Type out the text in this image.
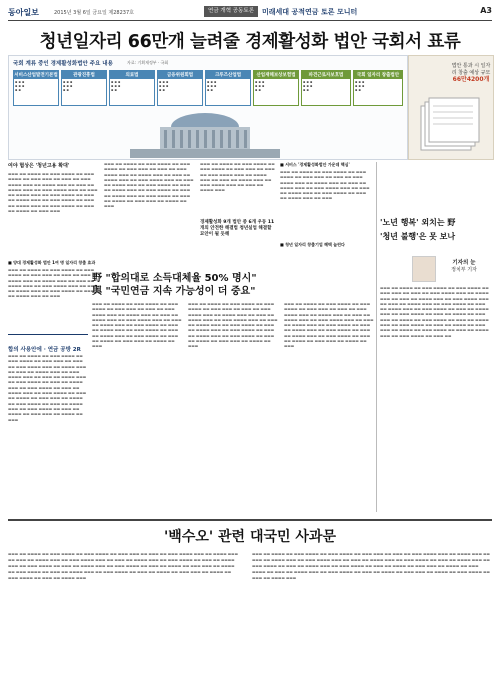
동아일보	2015년 3월 6일 금요일 제28237호	연금 개혁 공동토론	미래세대 공적연금 토론 모니터	A3
청년일자리 66만개 늘려줄 경제활성화 법안 국회서 표류
국회 계류 중인 경제활성화법안 주요 내용	자료: 기획재정부 · 국회
서비스산업발전기본법
▪ ▪ ▪
▪ ▪ ▪
▪ ▪
관광진흥법
▪ ▪ ▪
▪ ▪ ▪
▪ ▪
의료법
▪ ▪ ▪
▪ ▪ ▪
▪ ▪
금융위원회법
▪ ▪ ▪
▪ ▪ ▪
▪ ▪
크루즈산업법
▪ ▪ ▪
▪ ▪ ▪
▪ ▪
산업재해보상보험법
▪ ▪ ▪
▪ ▪ ▪
▪ ▪
파견근로자보호법
▪ ▪ ▪
▪ ▪ ▪
▪ ▪
국회 일자리 창출법안
▪ ▪ ▪
▪ ▪ ▪
▪ ▪
법안 통과 시 일자리 창출 예상 규모
66만4200개
여야 협상은 '청년고용 확대'
▬▬▬ ▬▬ ▬▬▬▬ ▬▬ ▬▬▬ ▬▬▬▬ ▬▬ ▬▬▬ ▬▬▬▬ ▬▬ ▬▬▬ ▬▬▬ ▬▬ ▬▬▬ ▬▬ ▬▬▬ ▬▬▬▬ ▬▬▬ ▬▬ ▬▬▬▬ ▬▬▬ ▬▬ ▬▬▬ ▬▬ ▬▬▬▬ ▬▬▬ ▬▬ ▬▬▬ ▬▬▬▬ ▬▬▬ ▬▬ ▬▬▬ ▬▬ ▬▬▬▬ ▬▬▬ ▬▬ ▬▬▬ ▬▬▬▬ ▬▬ ▬▬▬ ▬▬ ▬▬▬▬ ▬▬▬ ▬▬ ▬▬▬ ▬▬▬▬ ▬▬ ▬▬▬ ▬▬ ▬▬▬▬ ▬▬▬ ▬▬ ▬▬▬ ▬▬▬▬ ▬▬ ▬▬▬ ▬▬ ▬▬▬▬ ▬▬ ▬▬▬ ▬▬▬
■ 양대 경제활성화 법안 1여 명 일자리 창출 효과
▬▬▬ ▬▬ ▬▬▬▬ ▬▬ ▬▬▬ ▬▬▬▬ ▬▬ ▬▬▬ ▬▬▬▬ ▬▬ ▬▬▬ ▬▬▬ ▬▬ ▬▬▬ ▬▬ ▬▬▬ ▬▬▬▬ ▬▬▬ ▬▬ ▬▬▬▬ ▬▬▬ ▬▬ ▬▬▬ ▬▬ ▬▬▬▬ ▬▬▬ ▬▬ ▬▬▬ ▬▬▬▬ ▬▬▬ ▬▬ ▬▬▬ ▬▬ ▬▬▬▬ ▬▬▬ ▬▬ ▬▬▬ ▬▬▬▬ ▬▬ ▬▬▬ ▬▬ ▬▬▬▬ ▬▬▬ ▬▬ ▬▬▬
▬▬▬ ▬▬ ▬▬▬▬ ▬▬ ▬▬▬ ▬▬▬▬ ▬▬ ▬▬▬ ▬▬▬▬ ▬▬ ▬▬▬ ▬▬▬ ▬▬ ▬▬▬ ▬▬ ▬▬▬ ▬▬▬▬ ▬▬▬ ▬▬ ▬▬▬▬ ▬▬▬ ▬▬ ▬▬▬ ▬▬ ▬▬▬▬ ▬▬▬ ▬▬ ▬▬▬ ▬▬▬▬ ▬▬▬ ▬▬ ▬▬▬ ▬▬ ▬▬▬▬ ▬▬▬ ▬▬ ▬▬▬ ▬▬▬▬ ▬▬ ▬▬▬ ▬▬ ▬▬▬▬ ▬▬▬ ▬▬ ▬▬▬ ▬▬▬▬ ▬▬ ▬▬▬ ▬▬ ▬▬▬▬ ▬▬▬ ▬▬ ▬▬▬ ▬▬▬▬ ▬▬ ▬▬▬ ▬▬ ▬▬▬▬ ▬▬ ▬▬▬ ▬▬▬ ▬▬ ▬▬▬▬ ▬▬ ▬▬▬
▬▬▬ ▬▬ ▬▬▬▬ ▬▬ ▬▬▬ ▬▬▬▬ ▬▬ ▬▬▬ ▬▬▬▬ ▬▬ ▬▬▬ ▬▬▬ ▬▬ ▬▬▬ ▬▬ ▬▬▬ ▬▬▬▬ ▬▬▬ ▬▬ ▬▬▬▬ ▬▬▬ ▬▬ ▬▬▬ ▬▬ ▬▬▬▬ ▬▬▬ ▬▬ ▬▬▬ ▬▬▬▬ ▬▬▬ ▬▬ ▬▬▬ ▬▬ ▬▬▬▬ ▬▬▬
경제활성화 9개 법안 중 6개 우동 11개의 안전한 해결법 청년실업 해결할 묘안이 될 듯해
■ 서비스 '경제활성화법안 가운데 핵심'
▬▬▬ ▬▬ ▬▬▬▬ ▬▬ ▬▬▬ ▬▬▬▬ ▬▬ ▬▬▬ ▬▬▬▬ ▬▬ ▬▬▬ ▬▬▬ ▬▬ ▬▬▬ ▬▬ ▬▬▬ ▬▬▬▬ ▬▬▬ ▬▬ ▬▬▬▬ ▬▬▬ ▬▬ ▬▬▬ ▬▬ ▬▬▬▬ ▬▬▬ ▬▬ ▬▬▬ ▬▬▬▬ ▬▬▬ ▬▬ ▬▬▬ ▬▬ ▬▬▬▬ ▬▬▬ ▬▬ ▬▬▬ ▬▬▬▬ ▬▬ ▬▬▬ ▬▬ ▬▬▬▬ ▬▬▬ ▬▬ ▬▬▬
■ 청년 일자리 창출기업 혜택 늘린다
합의 사용안에 · 연금 공방 2R
▬▬▬ ▬▬ ▬▬▬▬ ▬▬ ▬▬▬ ▬▬▬▬ ▬▬ ▬▬▬ ▬▬▬▬ ▬▬ ▬▬▬ ▬▬▬ ▬▬ ▬▬▬ ▬▬ ▬▬▬ ▬▬▬▬ ▬▬▬ ▬▬ ▬▬▬▬ ▬▬▬ ▬▬ ▬▬▬ ▬▬ ▬▬▬▬ ▬▬▬ ▬▬ ▬▬▬ ▬▬▬▬ ▬▬▬ ▬▬ ▬▬▬ ▬▬ ▬▬▬▬ ▬▬▬ ▬▬ ▬▬▬ ▬▬▬▬ ▬▬ ▬▬▬ ▬▬ ▬▬▬▬ ▬▬▬ ▬▬ ▬▬▬ ▬▬▬▬ ▬▬ ▬▬▬ ▬▬ ▬▬▬▬ ▬▬▬ ▬▬ ▬▬▬ ▬▬▬▬ ▬▬ ▬▬▬ ▬▬ ▬▬▬▬ ▬▬ ▬▬▬ ▬▬▬ ▬▬ ▬▬▬▬ ▬▬ ▬▬▬ ▬▬▬▬ ▬▬ ▬▬▬ ▬▬ ▬▬▬▬ ▬▬▬ ▬▬ ▬▬▬ ▬▬▬▬ ▬▬ ▬▬▬ ▬▬ ▬▬▬▬ ▬▬ ▬▬▬ ▬▬▬ ▬▬ ▬▬▬▬ ▬▬ ▬▬▬
野 "합의대로 소득대체율 50% 명시"
與 "국민연금 지속 가능성이 더 중요"
▬▬▬ ▬▬ ▬▬▬▬ ▬▬ ▬▬▬ ▬▬▬▬ ▬▬ ▬▬▬ ▬▬▬▬ ▬▬ ▬▬▬ ▬▬▬ ▬▬ ▬▬▬ ▬▬ ▬▬▬ ▬▬▬▬ ▬▬▬ ▬▬ ▬▬▬▬ ▬▬▬ ▬▬ ▬▬▬ ▬▬ ▬▬▬▬ ▬▬▬ ▬▬ ▬▬▬ ▬▬▬▬ ▬▬▬ ▬▬ ▬▬▬ ▬▬ ▬▬▬▬ ▬▬▬ ▬▬ ▬▬▬ ▬▬▬▬ ▬▬ ▬▬▬ ▬▬ ▬▬▬▬ ▬▬▬ ▬▬ ▬▬▬ ▬▬▬▬ ▬▬ ▬▬▬ ▬▬ ▬▬▬▬ ▬▬▬ ▬▬ ▬▬▬ ▬▬▬▬ ▬▬ ▬▬▬ ▬▬ ▬▬▬▬ ▬▬ ▬▬▬ ▬▬▬ ▬▬ ▬▬▬▬ ▬▬ ▬▬▬
▬▬▬ ▬▬ ▬▬▬▬ ▬▬ ▬▬▬ ▬▬▬▬ ▬▬ ▬▬▬ ▬▬▬▬ ▬▬ ▬▬▬ ▬▬▬ ▬▬ ▬▬▬ ▬▬ ▬▬▬ ▬▬▬▬ ▬▬▬ ▬▬ ▬▬▬▬ ▬▬▬ ▬▬ ▬▬▬ ▬▬ ▬▬▬▬ ▬▬▬ ▬▬ ▬▬▬ ▬▬▬▬ ▬▬▬ ▬▬ ▬▬▬ ▬▬ ▬▬▬▬ ▬▬▬ ▬▬ ▬▬▬ ▬▬▬▬ ▬▬ ▬▬▬ ▬▬ ▬▬▬▬ ▬▬▬ ▬▬ ▬▬▬ ▬▬▬▬ ▬▬ ▬▬▬ ▬▬ ▬▬▬▬ ▬▬▬ ▬▬ ▬▬▬ ▬▬▬▬ ▬▬ ▬▬▬ ▬▬ ▬▬▬▬ ▬▬ ▬▬▬ ▬▬▬ ▬▬ ▬▬▬▬ ▬▬ ▬▬▬
▬▬▬ ▬▬ ▬▬▬▬ ▬▬ ▬▬▬ ▬▬▬▬ ▬▬ ▬▬▬ ▬▬▬▬ ▬▬ ▬▬▬ ▬▬▬ ▬▬ ▬▬▬ ▬▬ ▬▬▬ ▬▬▬▬ ▬▬▬ ▬▬ ▬▬▬▬ ▬▬▬ ▬▬ ▬▬▬ ▬▬ ▬▬▬▬ ▬▬▬ ▬▬ ▬▬▬ ▬▬▬▬ ▬▬▬ ▬▬ ▬▬▬ ▬▬ ▬▬▬▬ ▬▬▬ ▬▬ ▬▬▬ ▬▬▬▬ ▬▬ ▬▬▬ ▬▬ ▬▬▬▬ ▬▬▬ ▬▬ ▬▬▬ ▬▬▬▬ ▬▬ ▬▬▬ ▬▬ ▬▬▬▬ ▬▬▬ ▬▬ ▬▬▬ ▬▬▬▬ ▬▬ ▬▬▬ ▬▬ ▬▬▬▬ ▬▬ ▬▬▬ ▬▬▬ ▬▬ ▬▬▬▬ ▬▬ ▬▬▬
'노년 행복' 외치는 野
'청년 불행'은 못 보나
기자의 눈
정치부 기자
▬▬▬ ▬▬ ▬▬▬▬ ▬▬ ▬▬▬ ▬▬▬▬ ▬▬ ▬▬▬ ▬▬▬▬ ▬▬ ▬▬▬ ▬▬▬ ▬▬ ▬▬▬ ▬▬ ▬▬▬ ▬▬▬▬ ▬▬▬ ▬▬ ▬▬▬▬ ▬▬▬ ▬▬ ▬▬▬ ▬▬ ▬▬▬▬ ▬▬▬ ▬▬ ▬▬▬ ▬▬▬▬ ▬▬▬ ▬▬ ▬▬▬ ▬▬ ▬▬▬▬ ▬▬▬ ▬▬ ▬▬▬ ▬▬▬▬ ▬▬ ▬▬▬ ▬▬ ▬▬▬▬ ▬▬▬ ▬▬ ▬▬▬ ▬▬▬▬ ▬▬ ▬▬▬ ▬▬ ▬▬▬▬ ▬▬▬ ▬▬ ▬▬▬ ▬▬▬▬ ▬▬ ▬▬▬ ▬▬ ▬▬▬▬ ▬▬ ▬▬▬ ▬▬▬ ▬▬ ▬▬▬▬ ▬▬ ▬▬▬ ▬▬▬▬ ▬▬ ▬▬▬ ▬▬ ▬▬▬▬ ▬▬▬ ▬▬ ▬▬▬ ▬▬▬▬ ▬▬ ▬▬▬ ▬▬ ▬▬▬▬ ▬▬ ▬▬▬ ▬▬▬ ▬▬ ▬▬▬▬ ▬▬ ▬▬▬ ▬▬▬▬ ▬▬ ▬▬▬ ▬▬ ▬▬▬▬ ▬▬▬ ▬▬ ▬▬▬ ▬▬▬▬ ▬▬ ▬▬▬ ▬▬
'백수오' 관련 대국민 사과문
▬▬▬ ▬▬ ▬▬▬▬ ▬▬ ▬▬▬ ▬▬▬▬ ▬▬ ▬▬▬ ▬▬▬▬ ▬▬ ▬▬▬ ▬▬▬ ▬▬ ▬▬▬ ▬▬ ▬▬▬ ▬▬▬▬ ▬▬▬ ▬▬ ▬▬▬▬ ▬▬▬ ▬▬ ▬▬▬ ▬▬ ▬▬▬▬ ▬▬▬ ▬▬ ▬▬▬ ▬▬▬▬ ▬▬▬ ▬▬ ▬▬▬ ▬▬ ▬▬▬▬ ▬▬▬ ▬▬ ▬▬▬ ▬▬▬▬ ▬▬ ▬▬▬ ▬▬ ▬▬▬▬ ▬▬▬ ▬▬ ▬▬▬ ▬▬▬▬ ▬▬ ▬▬▬ ▬▬ ▬▬▬▬ ▬▬▬ ▬▬ ▬▬▬ ▬▬▬▬ ▬▬ ▬▬▬ ▬▬ ▬▬▬▬ ▬▬ ▬▬▬ ▬▬▬ ▬▬ ▬▬▬▬ ▬▬ ▬▬▬ ▬▬▬▬ ▬▬ ▬▬▬ ▬▬ ▬▬▬▬ ▬▬▬ ▬▬ ▬▬▬ ▬▬▬▬ ▬▬ ▬▬▬ ▬▬ ▬▬▬▬ ▬▬ ▬▬▬ ▬▬▬ ▬▬ ▬▬▬▬ ▬▬ ▬▬▬ ▬▬▬▬ ▬▬ ▬▬▬ ▬▬ ▬▬▬▬ ▬▬▬
▬▬▬ ▬▬ ▬▬▬▬ ▬▬ ▬▬▬ ▬▬▬▬ ▬▬ ▬▬▬ ▬▬▬▬ ▬▬ ▬▬▬ ▬▬▬ ▬▬ ▬▬▬ ▬▬ ▬▬▬ ▬▬▬▬ ▬▬▬ ▬▬ ▬▬▬▬ ▬▬▬ ▬▬ ▬▬▬ ▬▬ ▬▬▬▬ ▬▬▬ ▬▬ ▬▬▬ ▬▬▬▬ ▬▬▬ ▬▬ ▬▬▬ ▬▬ ▬▬▬▬ ▬▬▬ ▬▬ ▬▬▬ ▬▬▬▬ ▬▬ ▬▬▬ ▬▬ ▬▬▬▬ ▬▬▬ ▬▬ ▬▬▬ ▬▬▬▬ ▬▬ ▬▬▬ ▬▬ ▬▬▬▬ ▬▬▬ ▬▬ ▬▬▬ ▬▬▬▬ ▬▬ ▬▬▬ ▬▬ ▬▬▬▬ ▬▬ ▬▬▬ ▬▬▬ ▬▬ ▬▬▬▬ ▬▬ ▬▬▬ ▬▬▬▬ ▬▬ ▬▬▬ ▬▬ ▬▬▬▬ ▬▬▬ ▬▬ ▬▬▬ ▬▬▬▬ ▬▬ ▬▬▬ ▬▬ ▬▬▬▬ ▬▬ ▬▬▬ ▬▬▬ ▬▬ ▬▬▬▬ ▬▬ ▬▬▬ ▬▬▬▬ ▬▬ ▬▬▬ ▬▬ ▬▬▬▬ ▬▬▬
